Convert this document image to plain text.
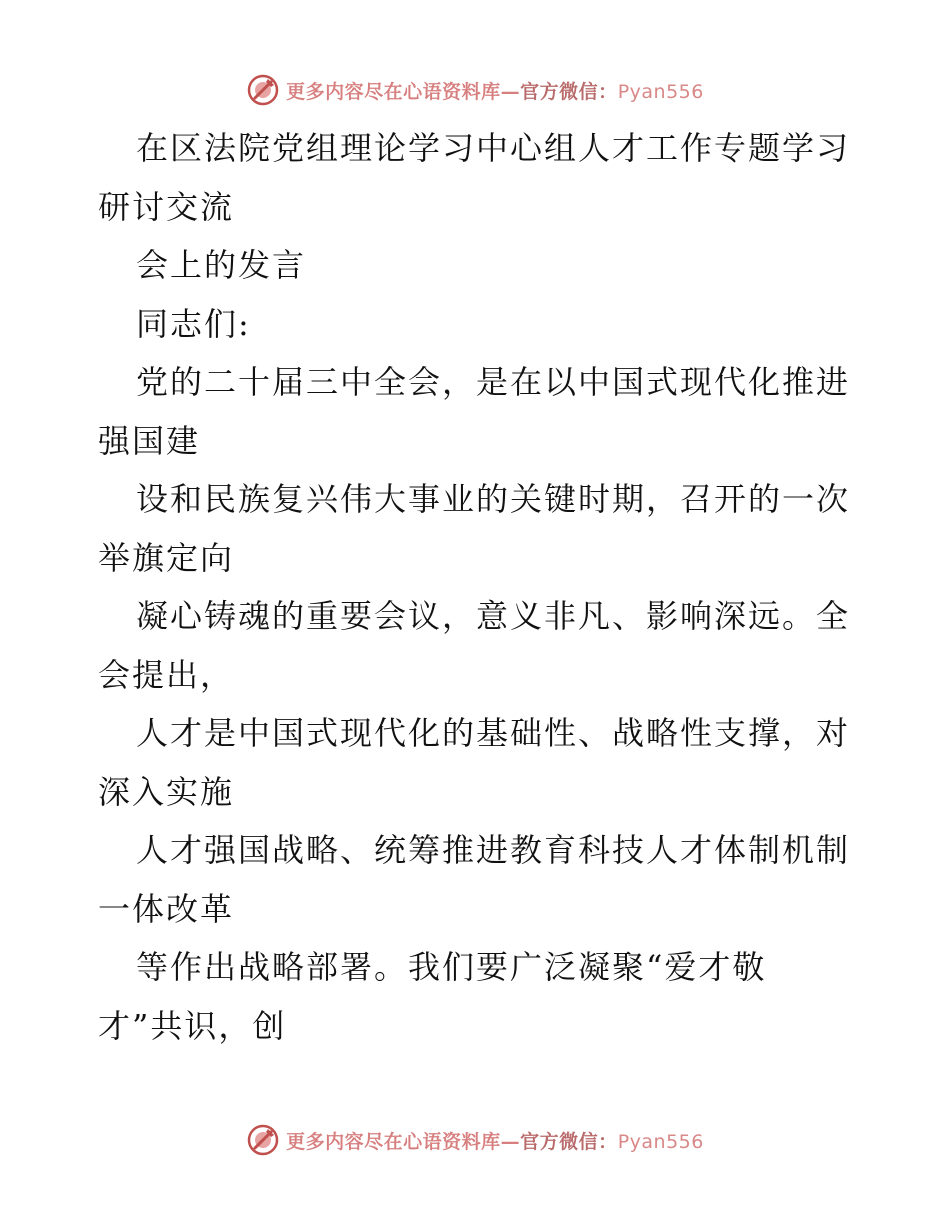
更多内容尽在心语资料库—官方微信：Pyan556
在区法院党组理论学习中心组人才工作专题学习
研讨交流
会上的发言
同志们:
党的二十届三中全会，是在以中国式现代化推进
强国建
设和民族复兴伟大事业的关键时期，召开的一次
举旗定向
凝心铸魂的重要会议，意义非凡、影响深远。全
会提出，
人才是中国式现代化的基础性、战略性支撑，对
深入实施
人才强国战略、统筹推进教育科技人才体制机制
一体改革
等作出战略部署。我们要广泛凝聚“爱才敬
才”共识，创
更多内容尽在心语资料库—官方微信：Pyan556
